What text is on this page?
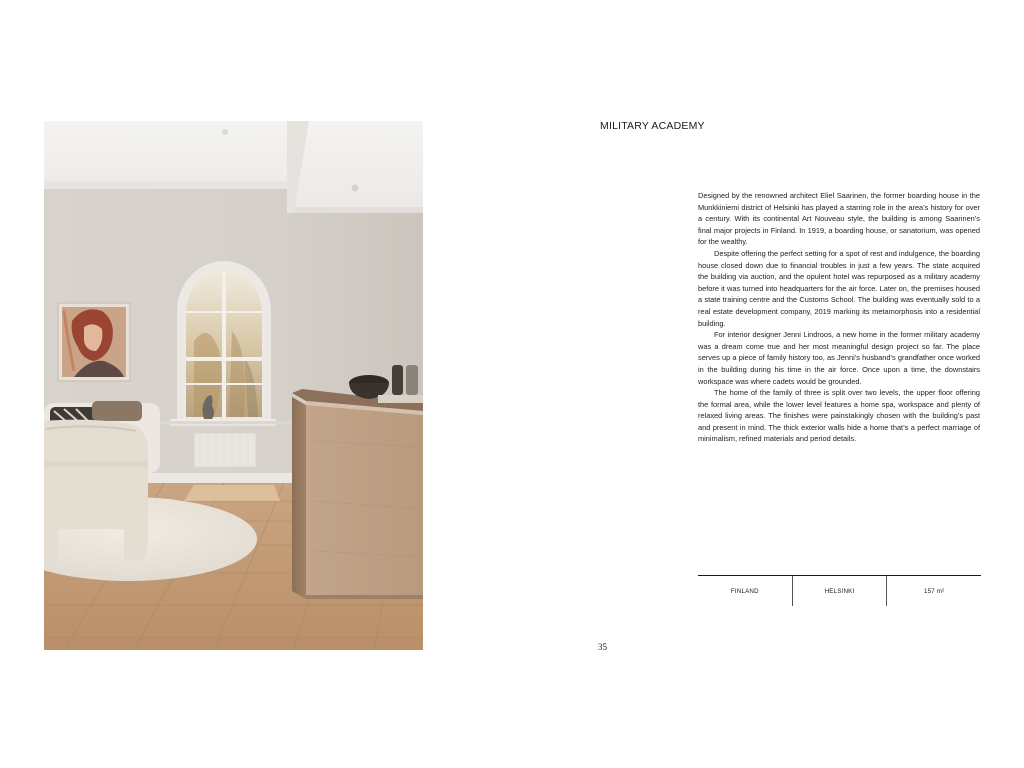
MILITARY ACADEMY

Designed by the renowned architect Eliel Saarinen, the former boarding house in the Munkkiniemi district of Helsinki has played a starring role in the area’s history for over a century. With its continental Art Nouveau style, the building is among Saarinen’s final major projects in Finland. In 1919, a boarding house, or sanatorium, was opened for the wealthy.

Despite offering the perfect setting for a spot of rest and indulgence, the boarding house closed down due to financial troubles in just a few years. The state acquired the building via auction, and the opulent hotel was repurposed as a military academy before it was turned into headquarters for the air force. Later on, the premises housed a state training centre and the Customs School. The building was eventually sold to a real estate development company, 2019 marking its metamorphosis into a residential building.

For interior designer Jenni Lindroos, a new home in the former military academy was a dream come true and her most meaningful design project so far. The place serves up a piece of family history too, as Jenni’s husband’s grandfather once worked in the building during his time in the air force. Once upon a time, the downstairs workspace was where cadets would be grounded.

The home of the family of three is split over two levels, the upper floor offering the formal area, while the lower level features a home spa, workspace and plenty of relaxed living areas. The finishes were painstakingly chosen with the building’s past and present in mind. The thick exterior walls hide a home that’s a perfect marriage of minimalism, refined materials and period details.

FINLAND	HELSINKI	157 m²
35
